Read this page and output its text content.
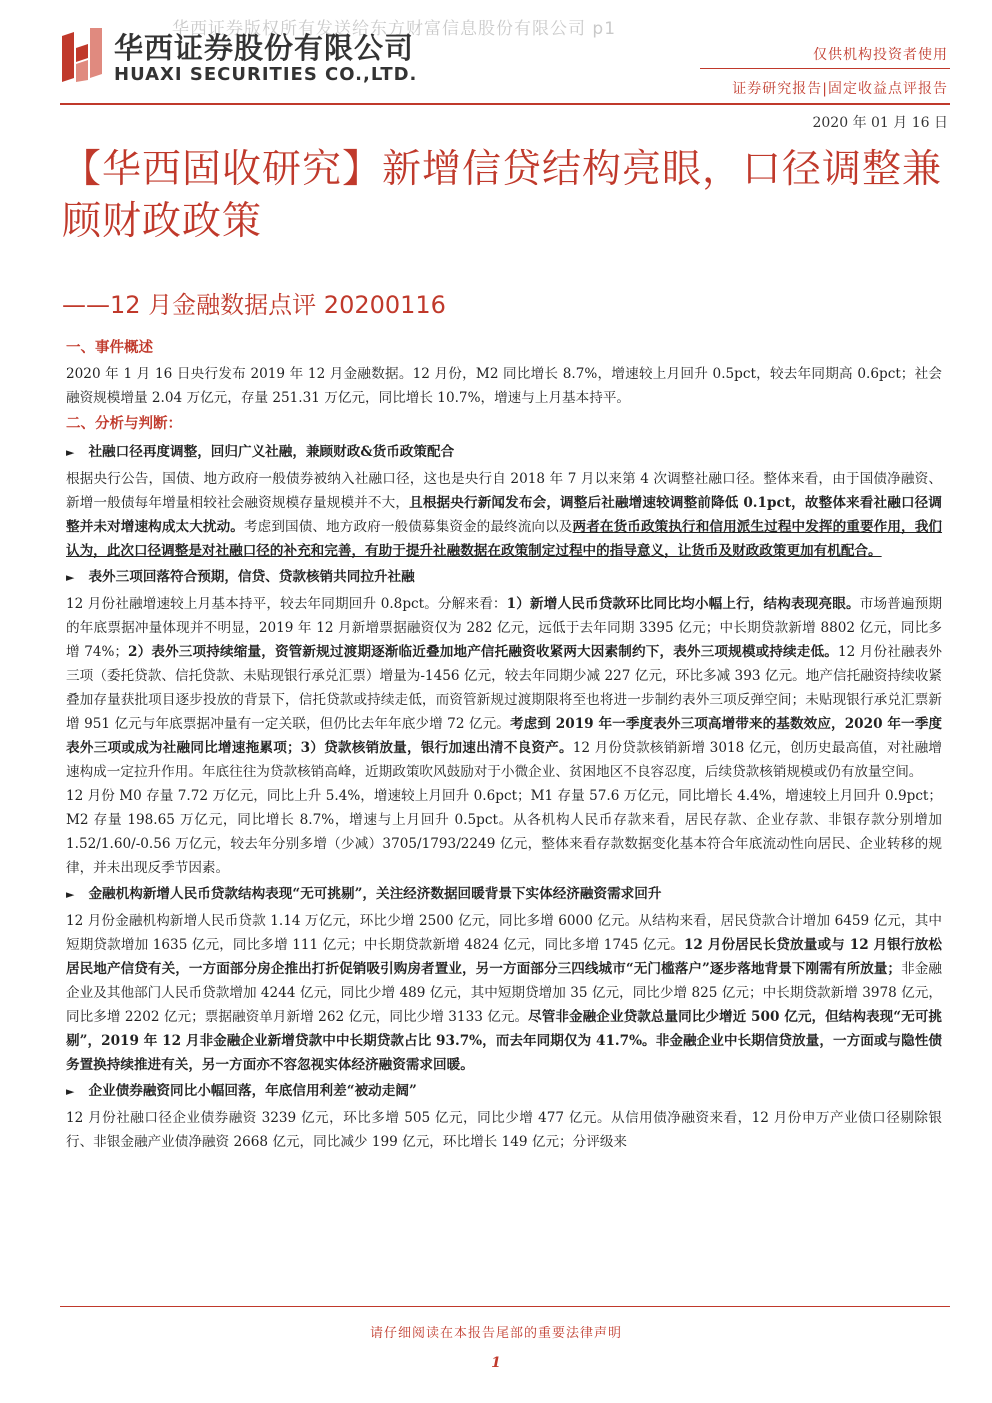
华西证券版权所有发送给东方财富信息股份有限公司 p1
华西证券股份有限公司
HUAXI SECURITIES CO.,LTD.
仅供机构投资者使用
证券研究报告|固定收益点评报告
2020 年 01 月 16 日
【华西固收研究】新增信贷结构亮眼，口径调整兼顾财政政策
——12 月金融数据点评 20200116

一、事件概述

2020 年 1 月 16 日央行发布 2019 年 12 月金融数据。12 月份，M2 同比增长 8.7%，增速较上月回升 0.5pct，较去年同期高 0.6pct；社会融资规模增量 2.04 万亿元，存量 251.31 万亿元，同比增长 10.7%，增速与上月基本持平。

二、分析与判断：

► 社融口径再度调整，回归广义社融，兼顾财政&货币政策配合

根据央行公告，国债、地方政府一般债券被纳入社融口径，这也是央行自 2018 年 7 月以来第 4 次调整社融口径。整体来看，由于国债净融资、新增一般债每年增量相较社会融资规模存量规模并不大，且根据央行新闻发布会，调整后社融增速较调整前降低 0.1pct，故整体来看社融口径调整并未对增速构成太大扰动。考虑到国债、地方政府一般债募集资金的最终流向以及两者在货币政策执行和信用派生过程中发挥的重要作用，我们认为，此次口径调整是对社融口径的补充和完善，有助于提升社融数据在政策制定过程中的指导意义，让货币及财政政策更加有机配合。

► 表外三项回落符合预期，信贷、贷款核销共同拉升社融

12 月份社融增速较上月基本持平，较去年同期回升 0.8pct。分解来看：1）新增人民币贷款环比同比均小幅上行，结构表现亮眼。市场普遍预期的年底票据冲量体现并不明显，2019 年 12 月新增票据融资仅为 282 亿元，远低于去年同期 3395 亿元；中长期贷款新增 8802 亿元，同比多增 74%；2）表外三项持续缩量，资管新规过渡期逐渐临近叠加地产信托融资收紧两大因素制约下，表外三项规模或持续走低。12 月份社融表外三项（委托贷款、信托贷款、未贴现银行承兑汇票）增量为-1456 亿元，较去年同期少减 227 亿元，环比多减 393 亿元。地产信托融资持续收紧叠加存量获批项目逐步投放的背景下，信托贷款或持续走低，而资管新规过渡期限将至也将进一步制约表外三项反弹空间；未贴现银行承兑汇票新增 951 亿元与年底票据冲量有一定关联，但仍比去年年底少增 72 亿元。考虑到 2019 年一季度表外三项高增带来的基数效应，2020 年一季度表外三项或成为社融同比增速拖累项；3）贷款核销放量，银行加速出清不良资产。12 月份贷款核销新增 3018 亿元，创历史最高值，对社融增速构成一定拉升作用。年底往往为贷款核销高峰，近期政策吹风鼓励对于小微企业、贫困地区不良容忍度，后续贷款核销规模或仍有放量空间。

12 月份 M0 存量 7.72 万亿元，同比上升 5.4%，增速较上月回升 0.6pct；M1 存量 57.6 万亿元，同比增长 4.4%，增速较上月回升 0.9pct；M2 存量 198.65 万亿元，同比增长 8.7%，增速与上月回升 0.5pct。从各机构人民币存款来看，居民存款、企业存款、非银存款分别增加 1.52/1.60/-0.56 万亿元，较去年分别多增（少减）3705/1793/2249 亿元，整体来看存款数据变化基本符合年底流动性向居民、企业转移的规律，并未出现反季节因素。

► 金融机构新增人民币贷款结构表现“无可挑剔”，关注经济数据回暖背景下实体经济融资需求回升

12 月份金融机构新增人民币贷款 1.14 万亿元，环比少增 2500 亿元，同比多增 6000 亿元。从结构来看，居民贷款合计增加 6459 亿元，其中短期贷款增加 1635 亿元，同比多增 111 亿元；中长期贷款新增 4824 亿元，同比多增 1745 亿元。12 月份居民长贷放量或与 12 月银行放松居民地产信贷有关，一方面部分房企推出打折促销吸引购房者置业，另一方面部分三四线城市“无门槛落户”逐步落地背景下刚需有所放量；非金融企业及其他部门人民币贷款增加 4244 亿元，同比少增 489 亿元，其中短期贷增加 35 亿元，同比少增 825 亿元；中长期贷款新增 3978 亿元，同比多增 2202 亿元；票据融资单月新增 262 亿元，同比少增 3133 亿元。尽管非金融企业贷款总量同比少增近 500 亿元，但结构表现“无可挑剔”，2019 年 12 月非金融企业新增贷款中中长期贷款占比 93.7%，而去年同期仅为 41.7%。非金融企业中长期信贷放量，一方面或与隐性债务置换持续推进有关，另一方面亦不容忽视实体经济融资需求回暖。

► 企业债券融资同比小幅回落，年底信用利差“被动走阔”

12 月份社融口径企业债券融资 3239 亿元，环比多增 505 亿元，同比少增 477 亿元。从信用债净融资来看，12 月份申万产业债口径剔除银行、非银金融产业债净融资 2668 亿元，同比减少 199 亿元，环比增长 149 亿元；分评级来

请仔细阅读在本报告尾部的重要法律声明
1
